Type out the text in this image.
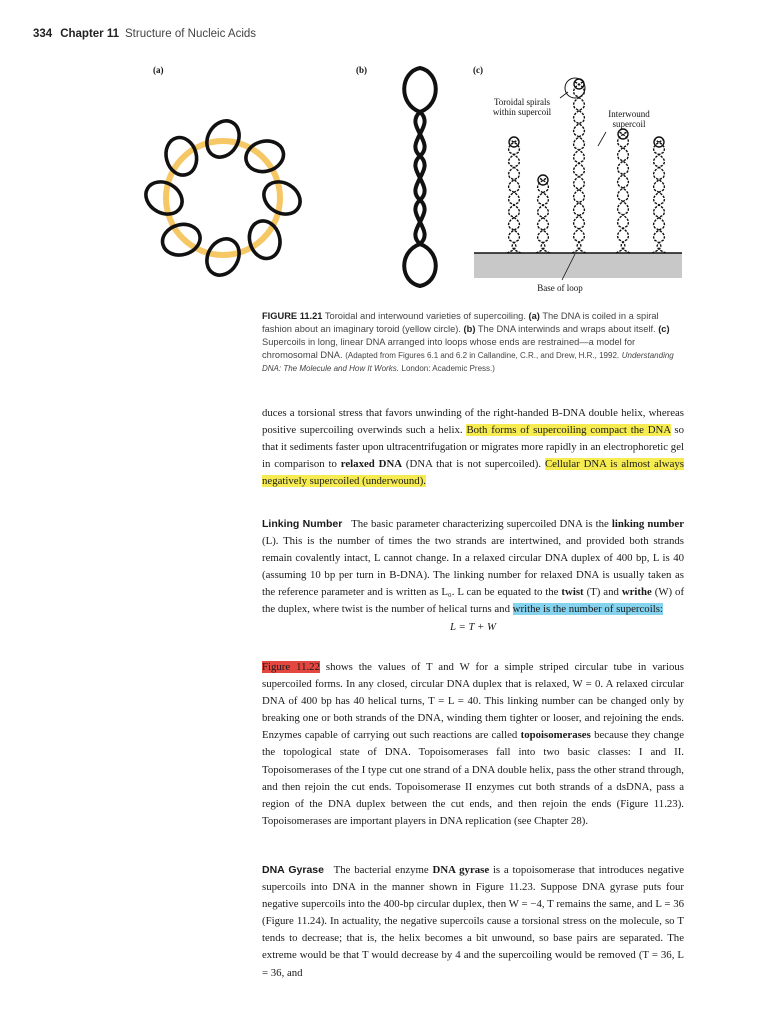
334 Chapter 11 Structure of Nucleic Acids
(a)	(b)	(c)
Toroidal spirals
within supercoil	Interwound
supercoil
Base of loop
FIGURE 11.21 Toroidal and interwound varieties of supercoiling. (a) The DNA is coiled in a spiral fashion about an imaginary toroid (yellow circle). (b) The DNA interwinds and wraps about itself. (c) Supercoils in long, linear DNA arranged into loops whose ends are restrained—a model for chromosomal DNA. (Adapted from Figures 6.1 and 6.2 in Callandine, C.R., and Drew, H.R., 1992. Understanding DNA: The Molecule and How It Works. London: Academic Press.)

duces a torsional stress that favors unwinding of the right-handed B-DNA double helix, whereas positive supercoiling overwinds such a helix. Both forms of supercoiling compact the DNA so that it sediments faster upon ultracentrifugation or migrates more rapidly in an electrophoretic gel in comparison to relaxed DNA (DNA that is not supercoiled). Cellular DNA is almost always negatively supercoiled (underwound).

Linking Number The basic parameter characterizing supercoiled DNA is the linking number (L). This is the number of times the two strands are intertwined, and provided both strands remain covalently intact, L cannot change. In a relaxed circular DNA duplex of 400 bp, L is 40 (assuming 10 bp per turn in B-DNA). The linking number for relaxed DNA is usually taken as the reference parameter and is written as L₀. L can be equated to the twist (T) and writhe (W) of the duplex, where twist is the number of helical turns and writhe is the number of supercoils:

L = T + W

Figure 11.22 shows the values of T and W for a simple striped circular tube in various supercoiled forms. In any closed, circular DNA duplex that is relaxed, W = 0. A relaxed circular DNA of 400 bp has 40 helical turns, T = L = 40. This linking number can be changed only by breaking one or both strands of the DNA, winding them tighter or looser, and rejoining the ends. Enzymes capable of carrying out such reactions are called topoisomerases because they change the topological state of DNA. Topoisomerases fall into two basic classes: I and II. Topoisomerases of the I type cut one strand of a DNA double helix, pass the other strand through, and then rejoin the cut ends. Topoisomerase II enzymes cut both strands of a dsDNA, pass a region of the DNA duplex between the cut ends, and then rejoin the ends (Figure 11.23). Topoisomerases are important players in DNA replication (see Chapter 28).

DNA Gyrase The bacterial enzyme DNA gyrase is a topoisomerase that introduces negative supercoils into DNA in the manner shown in Figure 11.23. Suppose DNA gyrase puts four negative supercoils into the 400-bp circular duplex, then W = −4, T remains the same, and L = 36 (Figure 11.24). In actuality, the negative supercoils cause a torsional stress on the molecule, so T tends to decrease; that is, the helix becomes a bit unwound, so base pairs are separated. The extreme would be that T would decrease by 4 and the supercoiling would be removed (T = 36, L = 36, and
